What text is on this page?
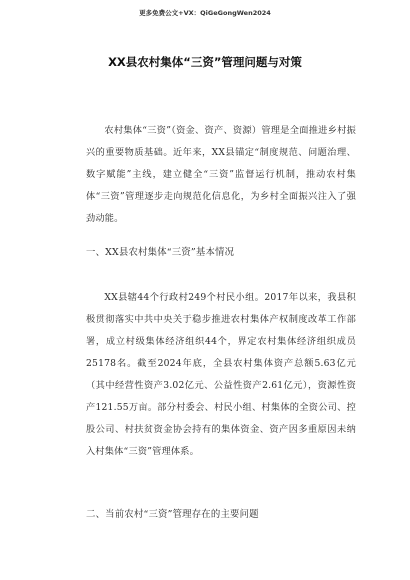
更多免费公文+VX：QiGeGongWen2024
XX县农村集体“三资”管理问题与对策
农村集体“三资”（资金、资产、资源）管理是全面推进乡村振兴的重要物质基础。近年来，XX县锚定“制度规范、问题治理、数字赋能”主线，建立健全“三资”监督运行机制，推动农村集体“三资”管理逐步走向规范化信息化，为乡村全面振兴注入了强劲动能。
一、XX县农村集体“三资”基本情况
XX县辖44个行政村249个村民小组。2017年以来，我县积极贯彻落实中共中央关于稳步推进农村集体产权制度改革工作部署，成立村级集体经济组织44个，界定农村集体经济组织成员25178名。截至2024年底，全县农村集体资产总额5.63亿元（其中经营性资产3.02亿元、公益性资产2.61亿元），资源性资产121.55万亩。部分村委会、村民小组、村集体的全资公司、控股公司、村扶贫资金协会持有的集体资金、资产因多重原因未纳入村集体“三资”管理体系。
二、当前农村“三资”管理存在的主要问题
